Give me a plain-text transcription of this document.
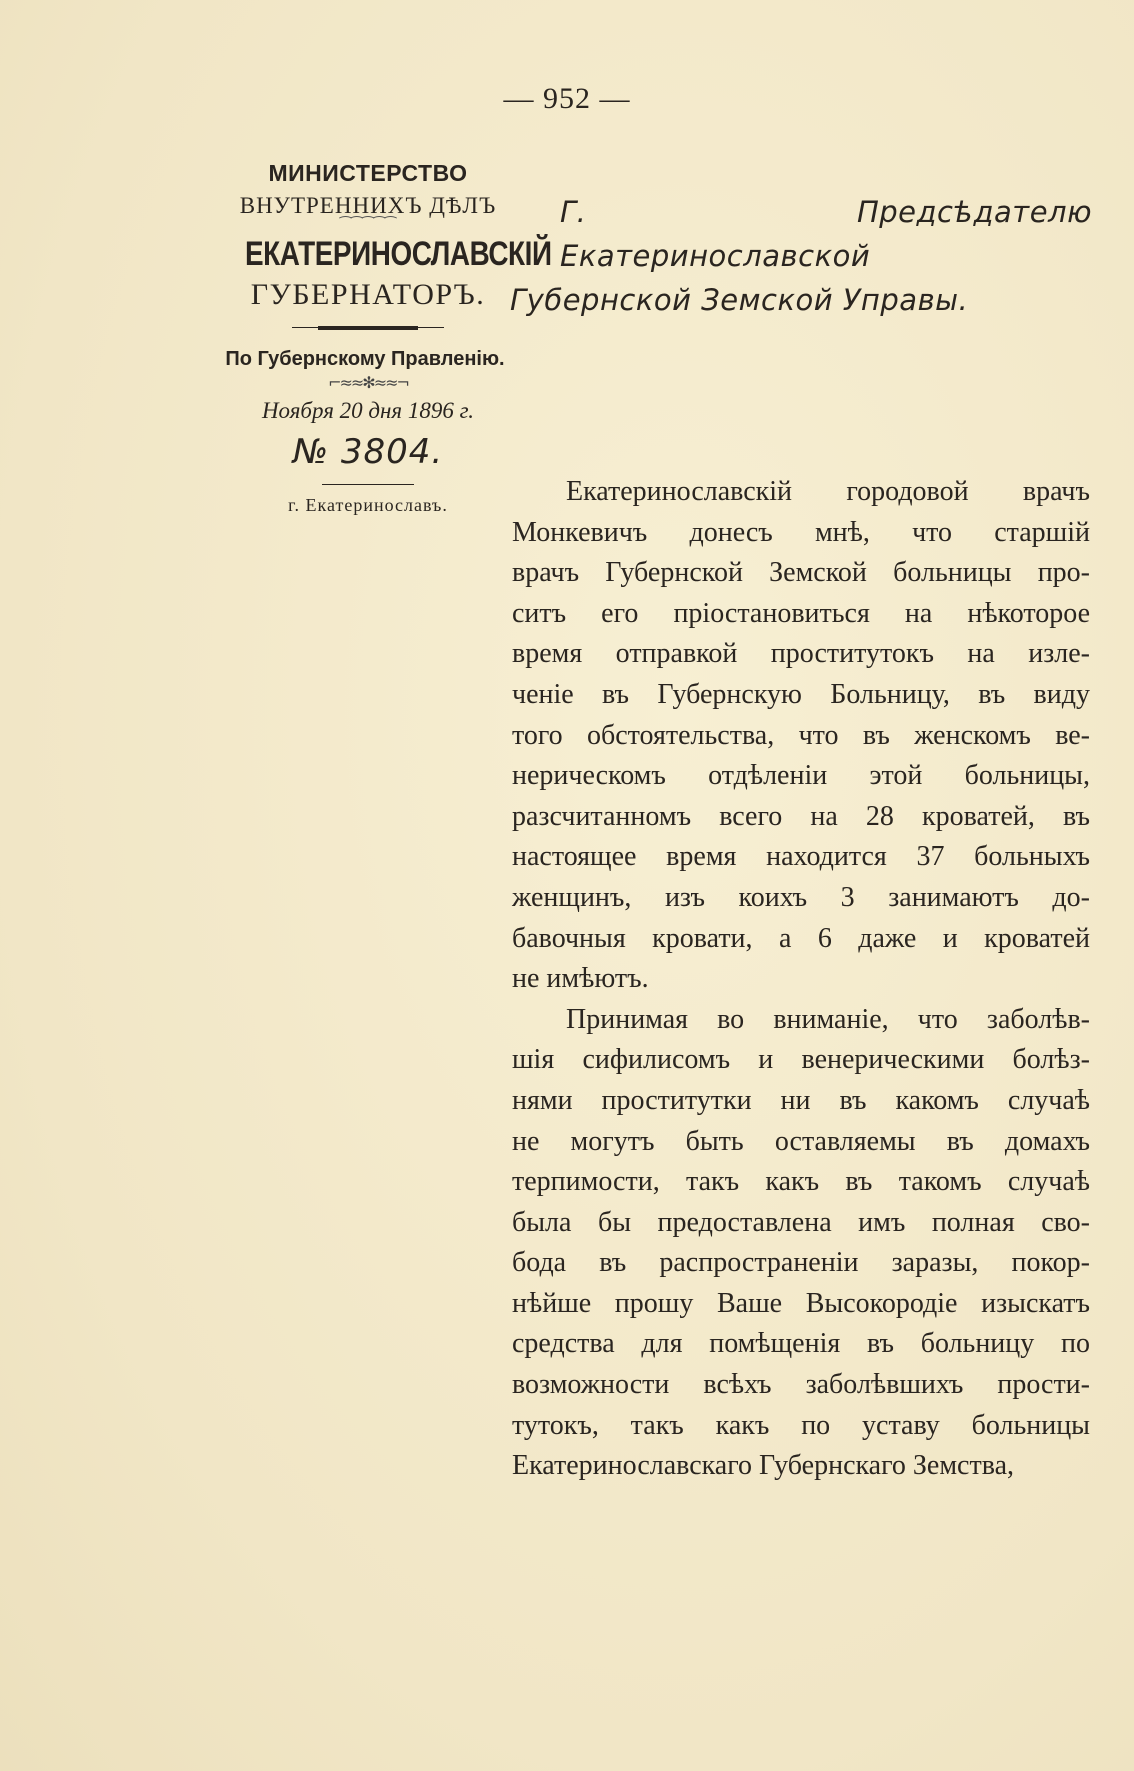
— 952 —
МИНИСТЕРСТВО
ВНУТРЕННИХЪ ДѢЛЪ
⁀⁀⁀⁀⁀
ЕКАТЕРИНОСЛАВСКІЙ
ГУБЕРНАТОРЪ.
По Губернскому Правленію.
⌐≈≈✻≈≈¬
Ноября 20 дня 1896 г.
№ 3804.
г. Екатеринославъ.
Г. Предсѣдателю Екатеринославской
Губернской Земской Управы.
Екатеринославскій городовой врачъ
Монкевичъ донесъ мнѣ, что старшій
врачъ Губернской Земской больницы про-
ситъ его пріостановиться на нѣкоторое
время отправкой проститутокъ на изле-
ченіе въ Губернскую Больницу, въ виду
того обстоятельства, что въ женскомъ ве-
нерическомъ отдѣленіи этой больницы,
разсчитанномъ всего на 28 кроватей, въ
настоящее время находится 37 больныхъ
женщинъ, изъ коихъ 3 занимаютъ до-
бавочныя кровати, а 6 даже и кроватей
не имѣютъ.
Принимая во вниманіе, что заболѣв-
шія сифилисомъ и венерическими болѣз-
нями проститутки ни въ какомъ случаѣ
не могутъ быть оставляемы въ домахъ
терпимости, такъ какъ въ такомъ случаѣ
была бы предоставлена имъ полная сво-
бода въ распространеніи заразы, покор-
нѣйше прошу Ваше Высокородіе изыскатъ
средства для помѣщенія въ больницу по
возможности всѣхъ заболѣвшихъ прости-
тутокъ, такъ какъ по уставу больницы
Екатеринославскаго Губернскаго Земства,
